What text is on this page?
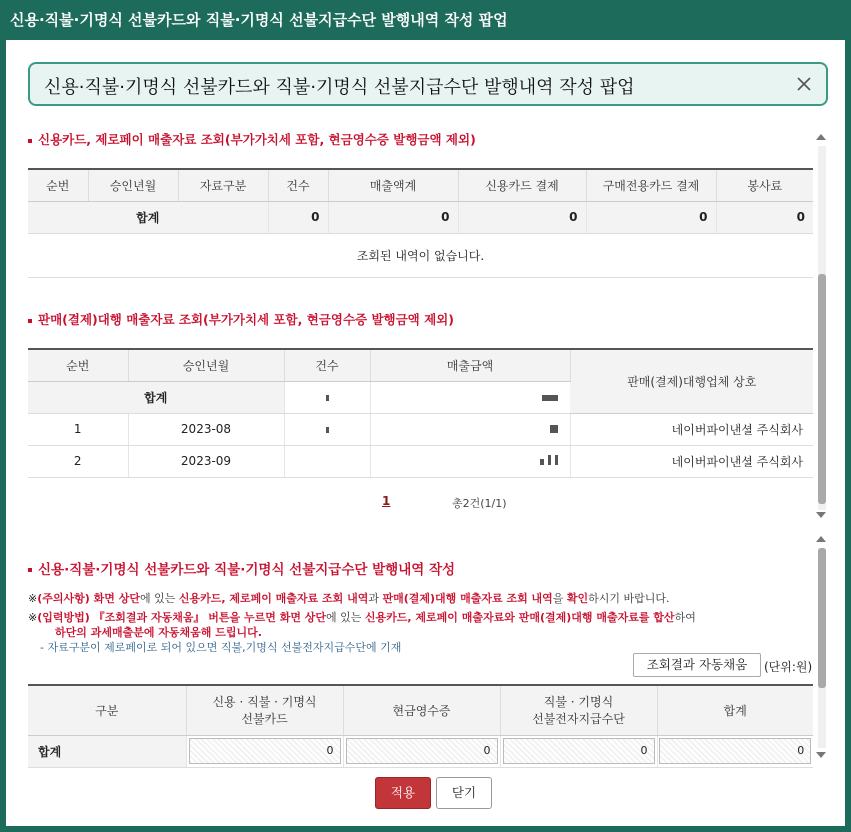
신용·직불·기명식 선불카드와 직불·기명식 선불지급수단 발행내역 작성 팝업
신용·직불·기명식 선불카드와 직불·기명식 선불지급수단 발행내역 작성 팝업
신용카드, 제로페이 매출자료 조회(부가가치세 포함, 현금영수증 발행금액 제외)
순번	승인년월	자료구분	건수	매출액계	신용카드 결제	구매전용카드 결제	봉사료
합계			0	0	0	0	0
조회된 내역이 없습니다.							
판매(결제)대행 매출자료 조회(부가가치세 포함, 현금영수증 발행금액 제외)
순번	승인년월	건수	매출금액	판매(결제)대행업체 상호
합계				
1	2023-08			네이버파이낸셜 주식회사
2	2023-09			네이버파이낸셜 주식회사
1	총2건(1/1)
신용·직불·기명식 선불카드와 직불·기명식 선불지급수단 발행내역 작성
※(주의사항) 화면 상단에 있는 신용카드, 제로페이 매출자료 조회 내역과 판매(결제)대행 매출자료 조회 내역을 확인하시기 바랍니다.
※(입력방법) 『조회결과 자동채움』 버튼을 누르면 화면 상단에 있는 신용카드, 제로페이 매출자료와 판매(결제)대행 매출자료를 합산하여
하단의 과세매출분에 자동채움해 드립니다.
- 자료구분이 제로페이로 되어 있으면 직불,기명식 선불전자지급수단에 기재
조회결과 자동채움	(단위:원)
구분	신용 · 직불 · 기명식
선불카드	현금영수증	직불 · 기명식
선불전자지급수단	합계
합계	0	0	0	0
적용	닫기
